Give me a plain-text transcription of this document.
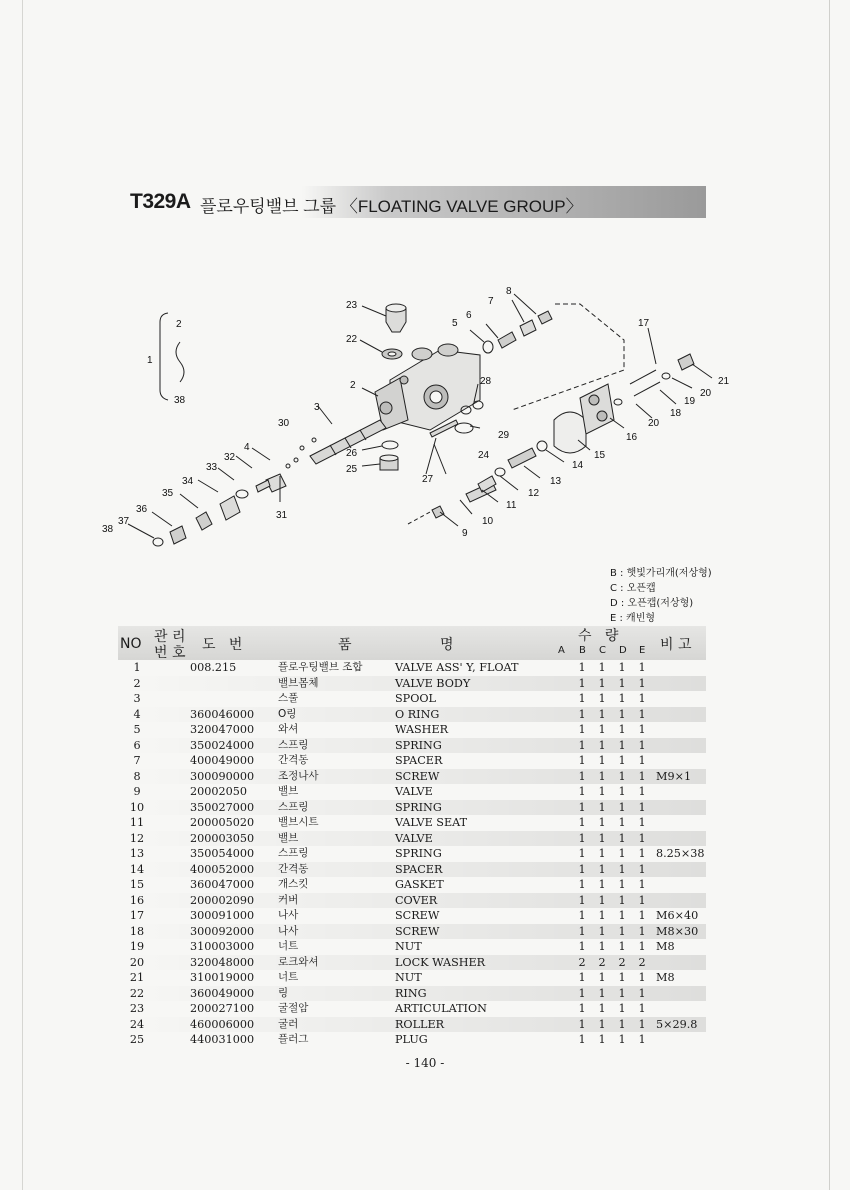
T329A 플로우팅밸브 그룹 〈FLOATING VALVE GROUP〉
1
2
38
2
3
4
5
6
7
8
9
10
11
12
13
14
15
16
17
18
19
20
20
21
22
23
24
25
26
27
28
29
30
31
32
33
34
35
36
37
38
B : 햇빛가리개(저상형)
C : 오픈캡
D : 오픈캡(저상형)
E : 캐빈형
NO 관 리
번 호 도   번	품	명
수   량
A B C D E 비 고
1	008.215	플로우팅밸브 조합	VALVE ASS' Y, FLOAT	1 1 1 1
2	밸브몸체	VALVE BODY	1 1 1 1
3	스풀	SPOOL	1 1 1 1
4	360046000 O링	O RING	1 1 1 1
5	320047000 와셔	WASHER	1 1 1 1
6	350024000 스프링	SPRING	1 1 1 1
7	400049000 간격동	SPACER	1 1 1 1
8	300090000 조정나사	SCREW	1 1 1 1 M9×1
9	20002050	밸브	VALVE	1 1 1 1
10	350027000 스프링	SPRING	1 1 1 1
11	200005020 밸브시트	VALVE SEAT	1 1 1 1
12	200003050 밸브	VALVE	1 1 1 1
13	350054000 스프링	SPRING	1 1 1 1 8.25×38
14	400052000 간격동	SPACER	1 1 1 1
15	360047000 개스킷	GASKET	1 1 1 1
16	200002090 커버	COVER	1 1 1 1
17	300091000 나사	SCREW	1 1 1 1 M6×40
18	300092000 나사	SCREW	1 1 1 1 M8×30
19	310003000 너트	NUT	1 1 1 1 M8
20	320048000 로크와셔	LOCK WASHER	2 2 2 2
21	310019000 너트	NUT	1 1 1 1 M8
22	360049000 링	RING	1 1 1 1
23	200027100 굴절암	ARTICULATION	1 1 1 1
24	460006000 굴러	ROLLER	1 1 1 1 5×29.8
25	440031000 플러그	PLUG	1 1 1 1
- 140 -
